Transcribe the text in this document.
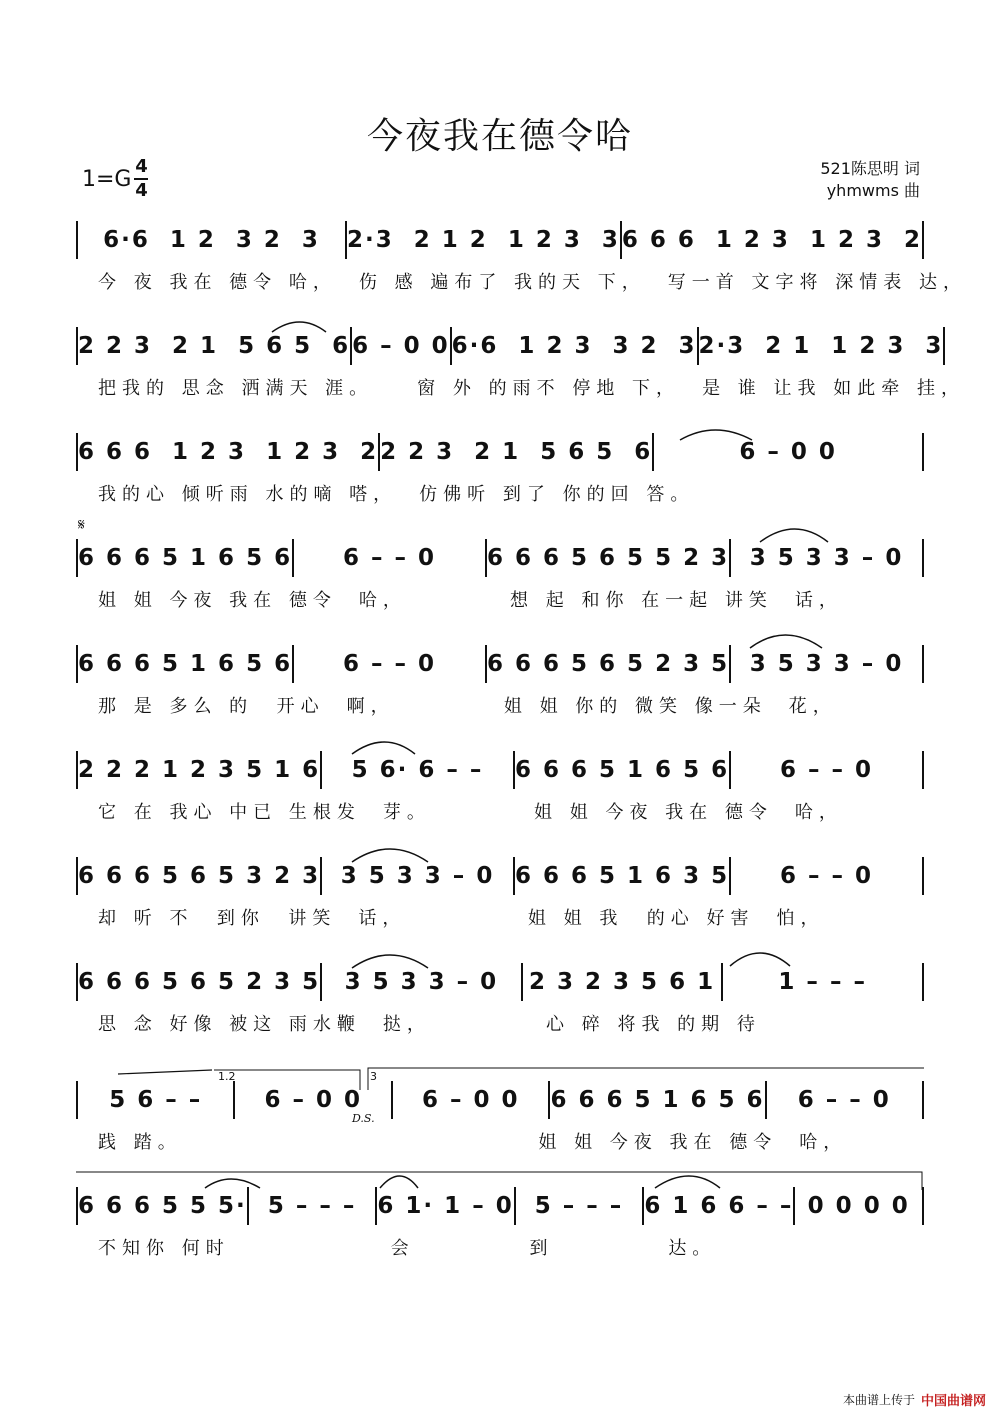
今夜我在德令哈
$1=G \frac{4}{4}$	521陈思明 词
yhmwms 曲
6·6  1 2  3 2  3	2·3  2 1 2  1 2 3  3 6 6 6  1 2 3  1 2 3  2
今 夜 我在 德令 哈，	伤 感 遍布了 我的天 下，	写一首 文字将 深情表 达，
2 2 3  2 1  5 6 5  6 6 – 0 0 6·6  1 2 3  3 2  3 2·3  2 1  1 2 3  3
把我的 思念 洒满天 涯。	窗 外 的雨不 停地 下，	是 谁 让我 如此牵 挂，
6 6 6  1 2 3  1 2 3  2 2 2 3  2 1  5 6 5  6	6 – 0 0
我的心 倾听雨 水的嘀 嗒，	仿佛听 到了 你的回 答。
6 6 6 5 1 6 5 6	6 – – 0	6 6 6 5 6 5 5 2 3 3 5 3 3 – 0
姐 姐 今夜 我在 德令	哈，	想 起 和你 在一起 讲笑	话，
6 6 6 5 1 6 5 6	6 – – 0	6 6 6 5 6 5 2 3 5 3 5 3 3 – 0
那 是 多么 的  开心	啊，	姐 姐 你的 微笑 像一朵	花，
2 2 2 1 2 3 5 1 6	5 6· 6 – –	6 6 6 5 1 6 5 6	6 – – 0
它 在 我心 中已 生根发	芽。	姐 姐 今夜 我在 德令	哈，
6 6 6 5 6 5 3 2 3 3 5 3 3 – 0 6 6 6 5 1 6 3 5	6 – – 0
却 听 不  到你  讲笑	话，	姐 姐 我  的心 好害	怕，
6 6 6 5 6 5 2 3 5	3 5 3 3 – 0	2 3 2 3 5 6 1	1 – – –
思 念 好像 被这 雨水鞭	挞，	心 碎 将我 的期 待
5 6 – –	6 – 0 0	6 – 0 0	6 6 6 5 1 6 5 6	6 – – 0
践 踏。	姐 姐 今夜 我在 德令	哈，
6 6 6 5 5 5· 5 – – – 6 1· 1 – 0 5 – – – 6 1 6 6 – – 0 0 0 0
不知你 何时	会	到	达。
𝄋
D.S.
1.2	3
本曲谱上传于 中国曲谱网
